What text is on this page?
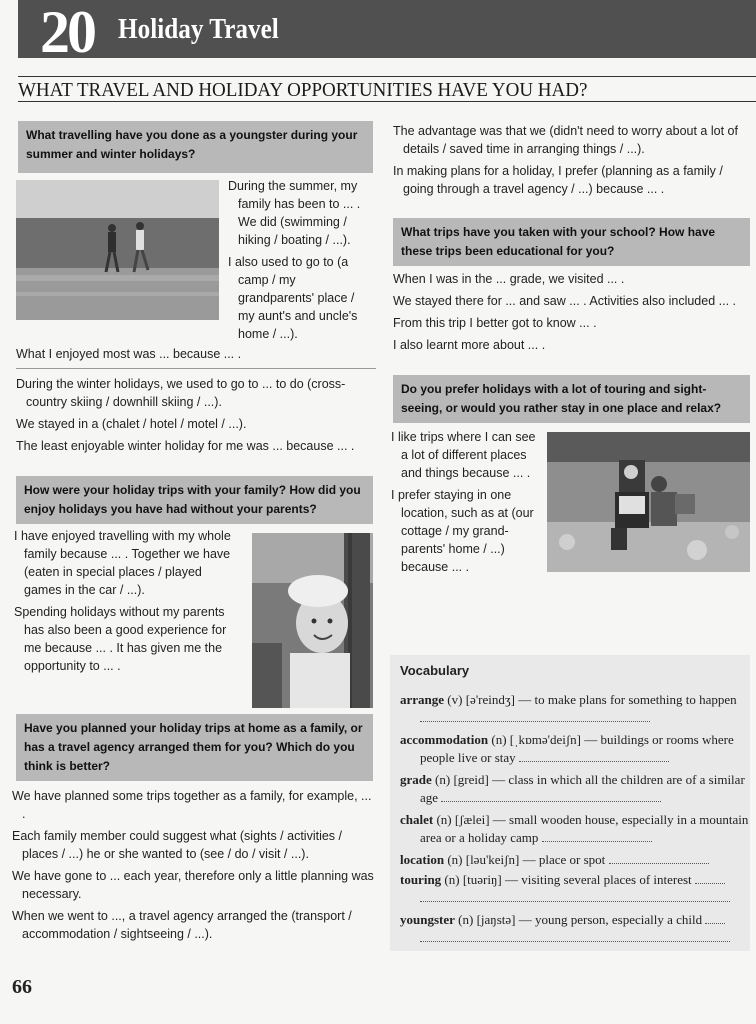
20 Holiday Travel
WHAT TRAVEL AND HOLIDAY OPPORTUNITIES HAVE YOU HAD?
What travelling have you done as a youngster during your summer and winter holidays?

During the summer, my family has been to ... . We did (swimming / hiking / boating / ...).

I also used to go to (a camp / my grandparents' place / my aunt's and uncle's home / ...).

What I enjoyed most was ... because ... .

During the winter holidays, we used to go to ... to do (cross-country skiing / downhill skiing / ...).

We stayed in a (chalet / hotel / motel / ...).

The least enjoyable winter holiday for me was ... because ... .

How were your holiday trips with your family? How did you enjoy holidays you have had without your parents?

I have enjoyed travelling with my whole family because ... . Together we have (eaten in special places / played games in the car / ...).

Spending holidays without my parents has also been a good experience for me because ... . It has given me the opportunity to ... .

Have you planned your holiday trips at home as a family, or has a travel agency arranged them for you? Which do you think is better?

We have planned some trips together as a family, for example, ... .

Each family member could suggest what (sights / activities / places / ...) he or she wanted to (see / do / visit / ...).

We have gone to ... each year, therefore only a little planning was necessary.

When we went to ..., a travel agency arranged the (transport / accommodation / sightseeing / ...).

The advantage was that we (didn't need to worry about a lot of details / saved time in arranging things / ...).

In making plans for a holiday, I prefer (planning as a family / going through a travel agency / ...) because ... .

What trips have you taken with your school? How have these trips been educational for you?

When I was in the ... grade, we visited ... .

We stayed there for ... and saw ... . Activities also included ... .

From this trip I better got to know ... .

I also learnt more about ... .

Do you prefer holidays with a lot of touring and sight-seeing, or would you rather stay in one place and relax?

I like trips where I can see a lot of different places and things because ... .

I prefer staying in one location, such as at (our cottage / my grand-parents' home / ...) because ... .

Vocabulary
arrange (v) [ə'reindʒ] — to make plans for something to happen
accommodation (n) [ˌkɒmə'deiʃn] — buildings or rooms where people live or stay
grade (n) [greid] — class in which all the children are of a similar age
chalet (n) [ʃælei] — small wooden house, especially in a mountain area or a holiday camp
location (n) [ləu'keiʃn] — place or spot
touring (n) [tuəriŋ] — visiting several places of interest
youngster (n) [jaŋstə] — young person, especially a child
66
